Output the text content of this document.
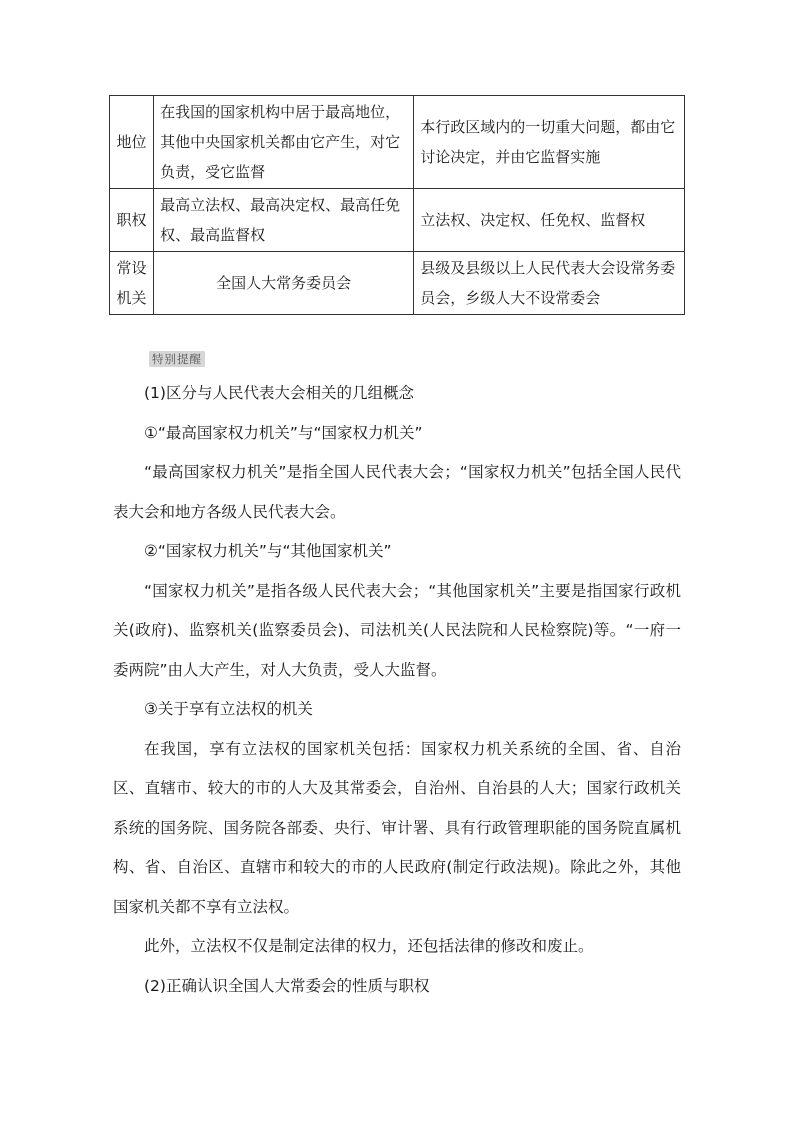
地位	在我国的国家机构中居于最高地位，其他中央国家机关都由它产生，对它负责，受它监督	本行政区域内的一切重大问题，都由它讨论决定，并由它监督实施
职权	最高立法权、最高决定权、最高任免权、最高监督权	立法权、决定权、任免权、监督权
常设机关	全国人大常务委员会	县级及县级以上人民代表大会设常务委员会，乡级人大不设常委会
特别提醒

(1)区分与人民代表大会相关的几组概念

①“最高国家权力机关”与“国家权力机关”

“最高国家权力机关”是指全国人民代表大会；“国家权力机关”包括全国人民代表大会和地方各级人民代表大会。

②“国家权力机关”与“其他国家机关”

“国家权力机关”是指各级人民代表大会；“其他国家机关”主要是指国家行政机关(政府)、监察机关(监察委员会)、司法机关(人民法院和人民检察院)等。“一府一委两院”由人大产生，对人大负责，受人大监督。

③关于享有立法权的机关

在我国，享有立法权的国家机关包括：国家权力机关系统的全国、省、自治区、直辖市、较大的市的人大及其常委会，自治州、自治县的人大；国家行政机关系统的国务院、国务院各部委、央行、审计署、具有行政管理职能的国务院直属机构、省、自治区、直辖市和较大的市的人民政府(制定行政法规)。除此之外，其他国家机关都不享有立法权。

此外，立法权不仅是制定法律的权力，还包括法律的修改和废止。

(2)正确认识全国人大常委会的性质与职权
